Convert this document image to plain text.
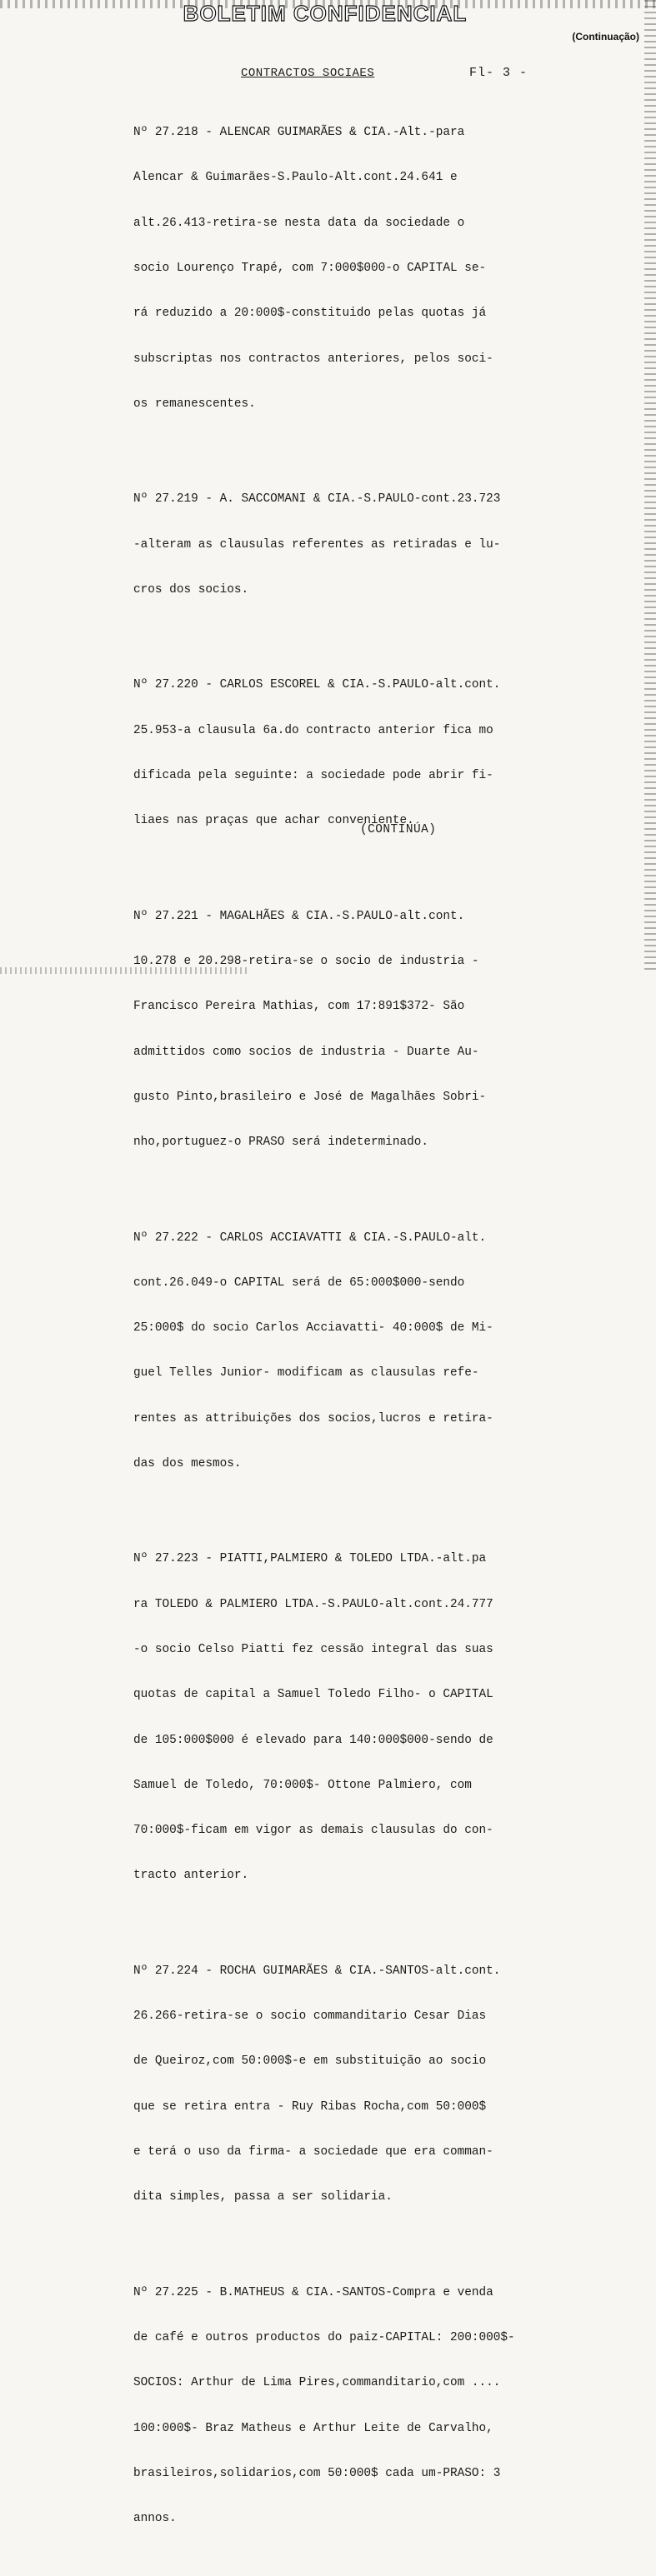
BOLETIM CONFIDENCIAL
(Continuação)
CONTRACTOS SOCIAES	Fl- 3 -

Nº 27.218 - ALENCAR GUIMARÃES & CIA.-Alt.-para

Alencar & Guimarães-S.Paulo-Alt.cont.24.641 e

alt.26.413-retira-se nesta data da sociedade o

socio Lourenço Trapé, com 7:000$000-o CAPITAL se-

rá reduzido a 20:000$-constituido pelas quotas já

subscriptas nos contractos anteriores, pelos soci-

os remanescentes.

Nº 27.219 - A. SACCOMANI & CIA.-S.PAULO-cont.23.723

-alteram as clausulas referentes as retiradas e lu-

cros dos socios.

Nº 27.220 - CARLOS ESCOREL & CIA.-S.PAULO-alt.cont.

25.953-a clausula 6a.do contracto anterior fica mo

dificada pela seguinte: a sociedade pode abrir fi-

liaes nas praças que achar conveniente.

Nº 27.221 - MAGALHÃES & CIA.-S.PAULO-alt.cont.

10.278 e 20.298-retira-se o socio de industria -

Francisco Pereira Mathias, com 17:891$372- São

admittidos como socios de industria - Duarte Au-

gusto Pinto,brasileiro e José de Magalhães Sobri-

nho,portuguez-o PRASO será indeterminado.

Nº 27.222 - CARLOS ACCIAVATTI & CIA.-S.PAULO-alt.

cont.26.049-o CAPITAL será de 65:000$000-sendo

25:000$ do socio Carlos Acciavatti- 40:000$ de Mi-

guel Telles Junior- modificam as clausulas refe-

rentes as attribuições dos socios,lucros e retira-

das dos mesmos.

Nº 27.223 - PIATTI,PALMIERO & TOLEDO LTDA.-alt.pa

ra TOLEDO & PALMIERO LTDA.-S.PAULO-alt.cont.24.777

-o socio Celso Piatti fez cessão integral das suas

quotas de capital a Samuel Toledo Filho- o CAPITAL

de 105:000$000 é elevado para 140:000$000-sendo de

Samuel de Toledo, 70:000$- Ottone Palmiero, com

70:000$-ficam em vigor as demais clausulas do con-

tracto anterior.

Nº 27.224 - ROCHA GUIMARÃES & CIA.-SANTOS-alt.cont.

26.266-retira-se o socio commanditario Cesar Dias

de Queiroz,com 50:000$-e em substituição ao socio

que se retira entra - Ruy Ribas Rocha,com 50:000$

e terá o uso da firma- a sociedade que era comman-

dita simples, passa a ser solidaria.

Nº 27.225 - B.MATHEUS & CIA.-SANTOS-Compra e venda

de café e outros productos do paiz-CAPITAL: 200:000$-

SOCIOS: Arthur de Lima Pires,commanditario,com ....

100:000$- Braz Matheus e Arthur Leite de Carvalho,

brasileiros,solidarios,com 50:000$ cada um-PRASO: 3

annos.

(CONTINÚA)
